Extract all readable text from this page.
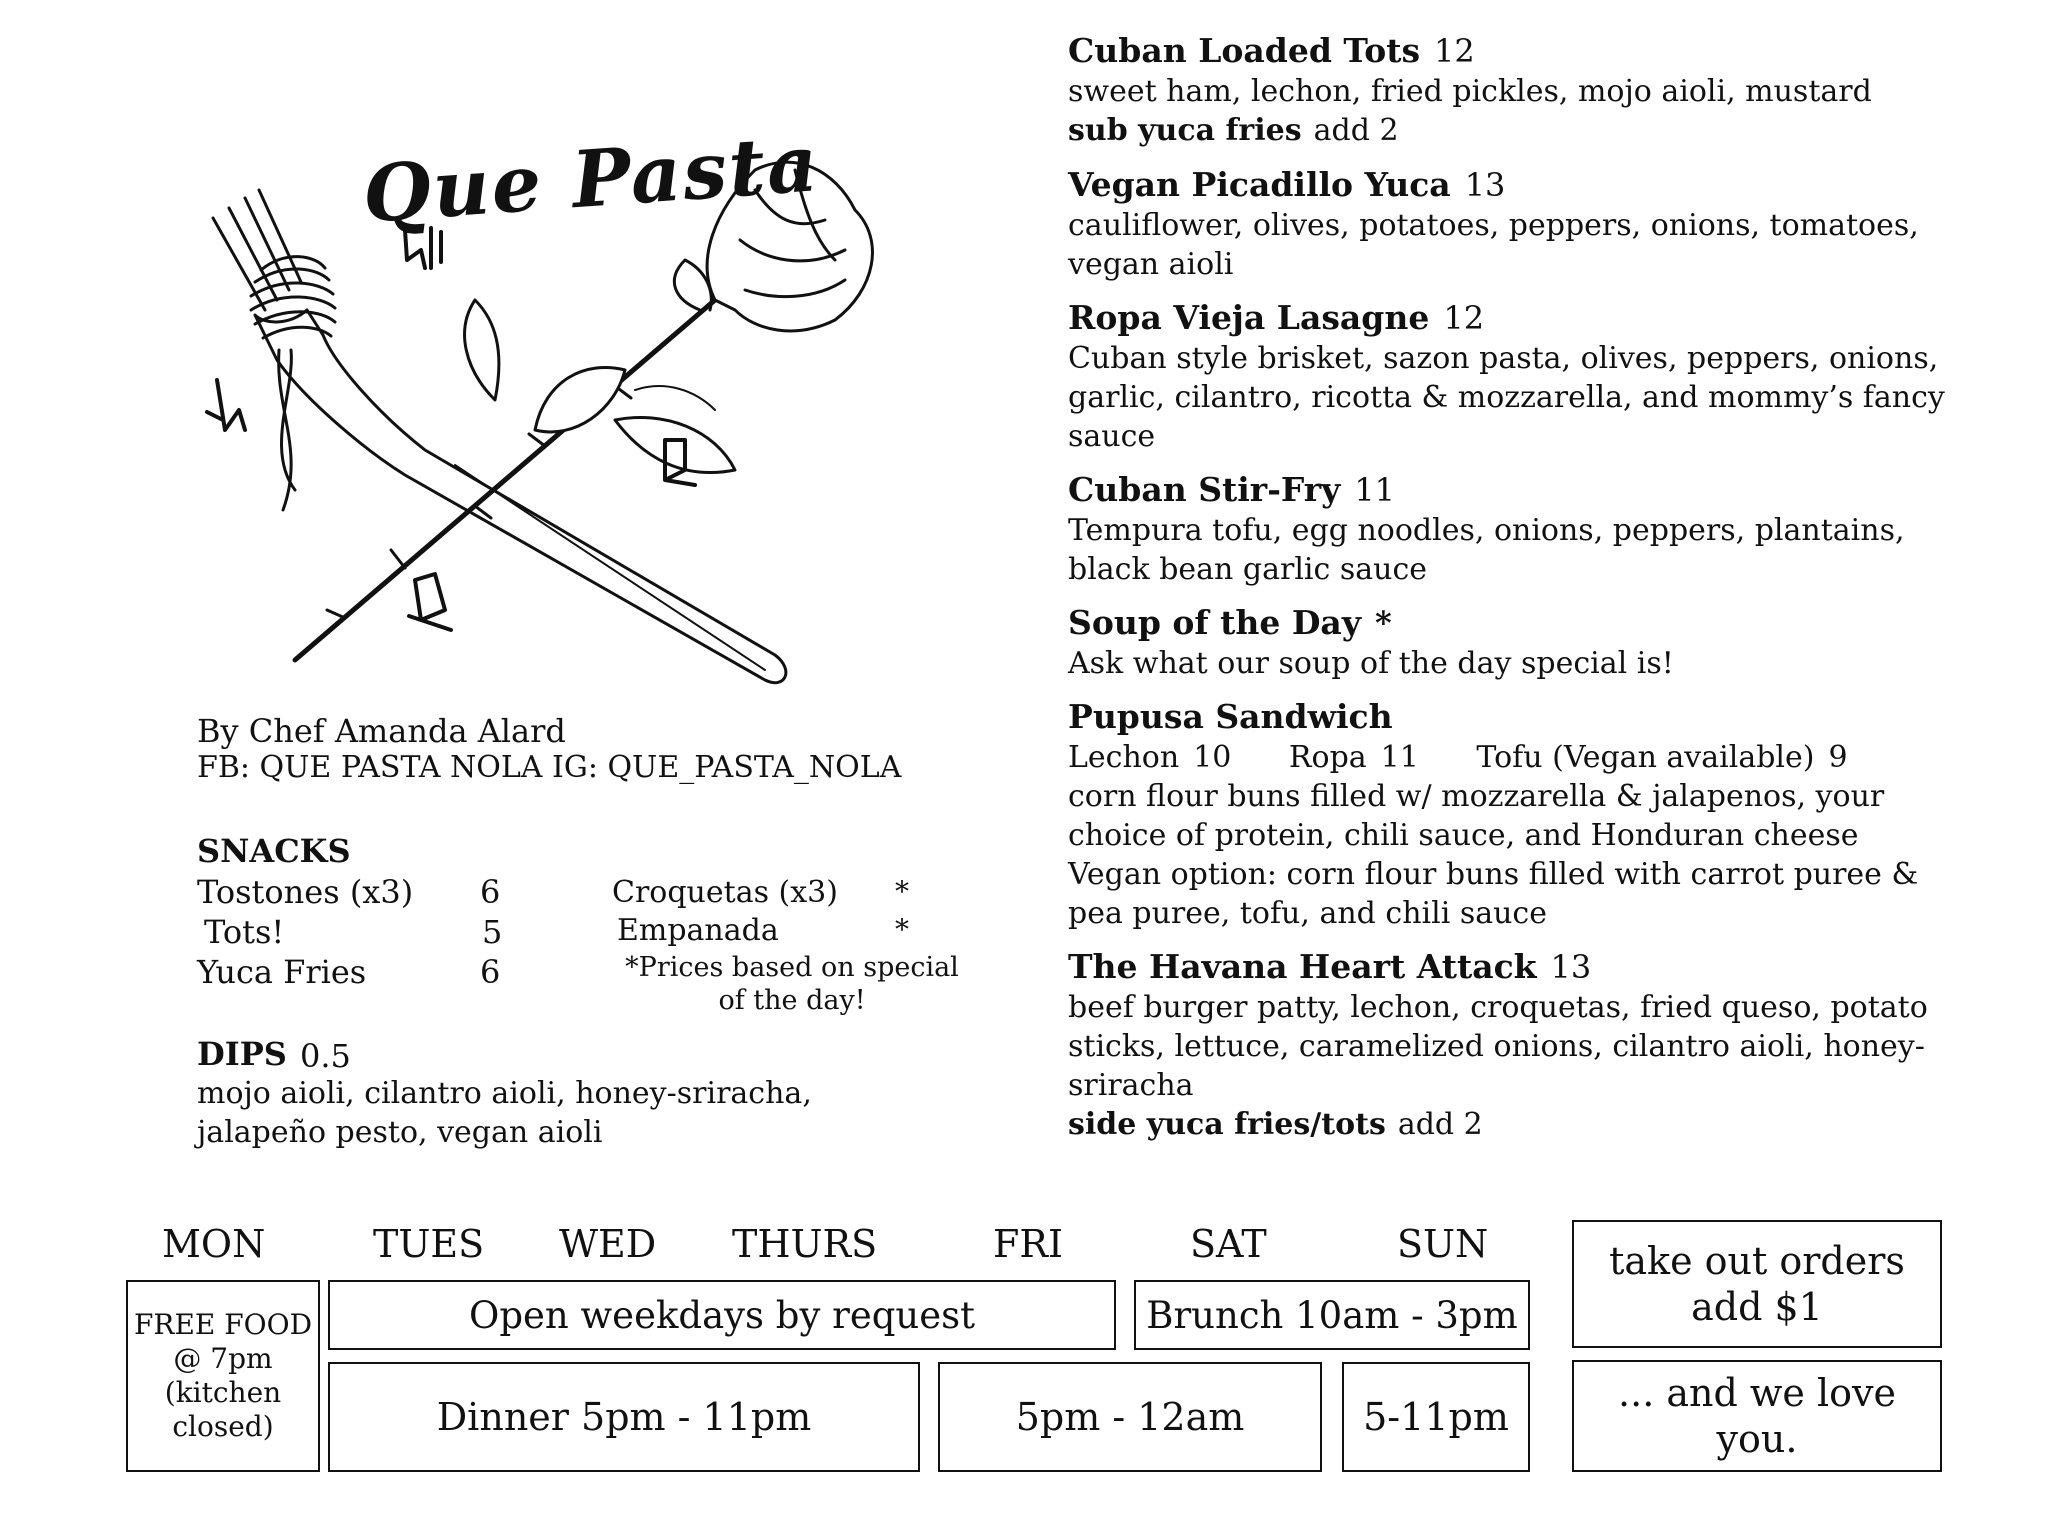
Que Pasta
By Chef Amanda Alard
FB: QUE PASTA NOLA IG: QUE_PASTA_NOLA
SNACKS
Tostones (x3) 6
Tots!	5
Yuca Fries	6
Croquetas (x3) *
Empanada	*
*Prices based on special of the day!
DIPS 0.5
mojo aioli, cilantro aioli, honey-sriracha, jalapeño pesto, vegan aioli
Cuban Loaded Tots 12
sweet ham, lechon, fried pickles, mojo aioli, mustard
sub yuca fries add 2
Vegan Picadillo Yuca 13
cauliflower, olives, potatoes, peppers, onions, tomatoes, vegan aioli
Ropa Vieja Lasagne 12
Cuban style brisket, sazon pasta, olives, peppers, onions, garlic, cilantro, ricotta & mozzarella, and mommy’s fancy sauce
Cuban Stir-Fry 11
Tempura tofu, egg noodles, onions, peppers, plantains, black bean garlic sauce
Soup of the Day *
Ask what our soup of the day special is!
Pupusa Sandwich
Lechon 10 Ropa 11 Tofu (Vegan available) 9
corn flour buns filled w/ mozzarella & jalapenos, your choice of protein, chili sauce, and Honduran cheese
Vegan option: corn flour buns filled with carrot puree & pea puree, tofu, and chili sauce
The Havana Heart Attack 13
beef burger patty, lechon, croquetas, fried queso, potato sticks, lettuce, caramelized onions, cilantro aioli, honey-sriracha
side yuca fries/tots add 2
MON	TUES WED THURS	FRI	SAT	SUN
FREE FOOD @ 7pm (kitchen closed)
Open weekdays by request	Brunch 10am - 3pm
Dinner 5pm - 11pm	5pm - 12am	5-11pm
take out orders add $1
... and we love you.
